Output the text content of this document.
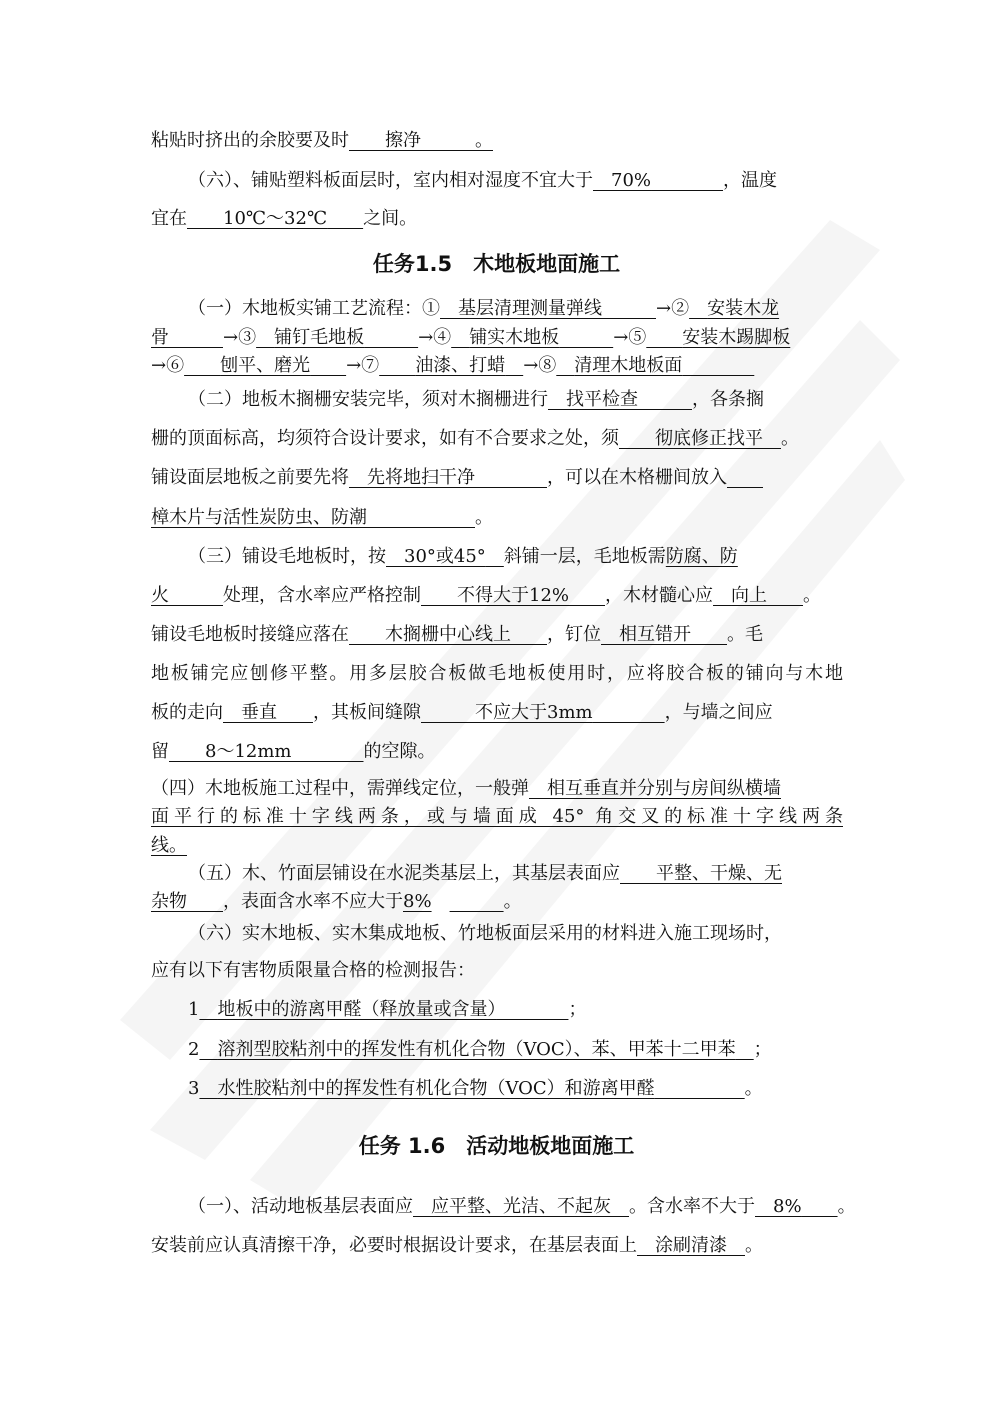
粘贴时挤出的余胶要及时　　 擦净　　　	。
（六）、铺贴塑料板面层时，室内相对湿度不宜大于　 70%　　　　	，温度
宜在　　 10℃～32℃　　 之间。
任务1.5　木地板地面施工
（一）木地板实铺工艺流程：①　 基层清理测量弹线　　　	→②　 安装木龙
骨　　　	→③　 铺钉毛地板　　　	→④　 铺实木地板　　　	→⑤　　 安装木踢脚板
→⑥　　 刨平、磨光　　 →⑦　　 油漆、打蜡　 →⑧　 清理木地板面　　　　
（二）地板木搁栅安装完毕，须对木搁栅进行　 找平检查　　　	，各条搁
栅的顶面标高，均须符合设计要求，如有不合要求之处，须　　 彻底修正找平　 。
铺设面层地板之前要先将　 先将地扫干净　　　　	，可以在木格栅间放入　　
樟木片与活性炭防虫、防潮　　　　　　	。
（三）铺设毛地板时，按　 30°或45°　 斜铺一层，毛地板需防腐、防
火　　　	处理，含水率应严格控制　　 不得大于12%　　 ，木材髓心应　 向上　　 。
铺设毛地板时接缝应落在　　 木搁栅中心线上　　 ，钉位　 相互错开　　 。毛
地板铺完应刨修平整。用多层胶合板做毛地板使用时，应将胶合板的铺向与木地
板的走向　 垂直　　 ，其板间缝隙　　　	不应大于3mm　　　　	，与墙之间应
留　　 8～12mm　　　　	的空隙。
（四）木地板施工过程中，需弹线定位，一般弹　 相互垂直并分别与房间纵横墙
面平行的标准十字线两条，或与墙面成 45° 角交叉的标准十字线两条
线。
（五）木、竹面层铺设在水泥类基层上，其基层表面应　　 平整、干燥、无
杂物　　 ，表面含水率不应大于8%　　　　	。
（六）实木地板、实木集成地板、竹地板面层采用的材料进入施工现场时，
应有以下有害物质限量合格的检测报告：
1　 地板中的游离甲醛（释放量或含量）　　　　	；
2　 溶剂型胶粘剂中的挥发性有机化合物（VOC）、苯、甲苯十二甲苯　 ；
3　 水性胶粘剂中的挥发性有机化合物（VOC）和游离甲醛　　　　　	。
任务 1.6　活动地板地面施工
（一）、活动地板基层表面应　 应平整、光洁、不起灰　 。含水率不大于　 8%　　 。
安装前应认真清擦干净，必要时根据设计要求，在基层表面上　 涂刷清漆　 。
